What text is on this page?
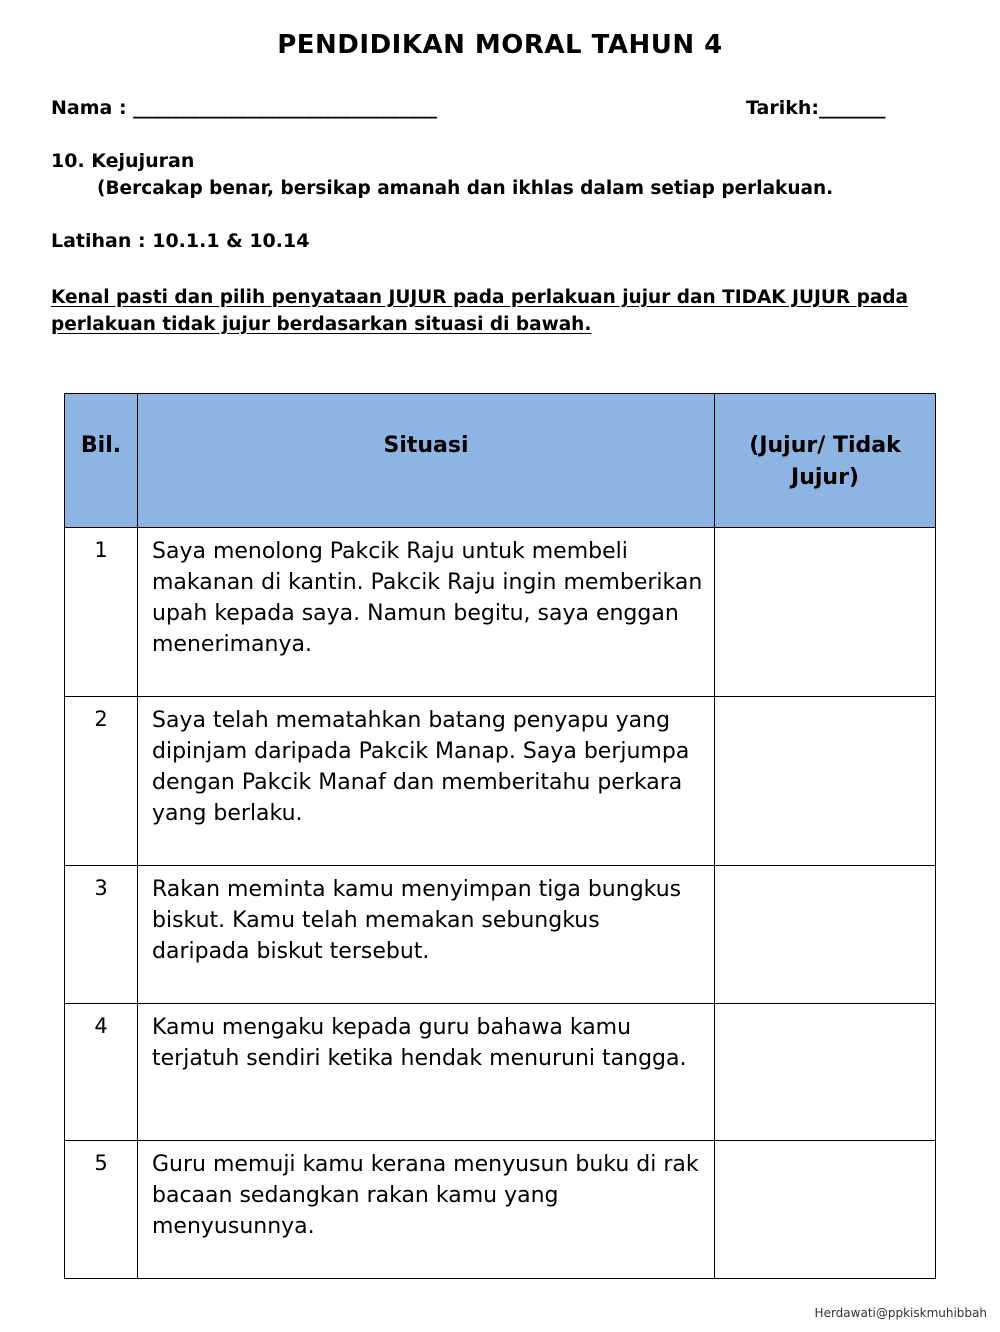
PENDIDIKAN MORAL TAHUN 4
Nama : ________________________________	Tarikh:_______
10. Kejujuran
(Bercakap benar, bersikap amanah dan ikhlas dalam setiap perlakuan.
Latihan : 10.1.1 & 10.14
Kenal pasti dan pilih penyataan JUJUR pada perlakuan jujur dan TIDAK JUJUR pada perlakuan tidak jujur berdasarkan situasi di bawah.
Bil.	Situasi	(Jujur/ Tidak Jujur)
1	Saya menolong Pakcik Raju untuk membeli makanan di kantin. Pakcik Raju ingin memberikan upah kepada saya. Namun begitu, saya enggan menerimanya.	
2	Saya telah mematahkan batang penyapu yang dipinjam daripada Pakcik Manap. Saya berjumpa dengan Pakcik Manaf dan memberitahu perkara yang berlaku.	
3	Rakan meminta kamu menyimpan tiga bungkus biskut. Kamu telah memakan sebungkus daripada biskut tersebut.	
4	Kamu mengaku kepada guru bahawa kamu terjatuh sendiri ketika hendak menuruni tangga.	
5	Guru memuji kamu kerana menyusun buku di rak bacaan sedangkan rakan kamu yang menyusunnya.	
Herdawati@ppkiskmuhibbah
